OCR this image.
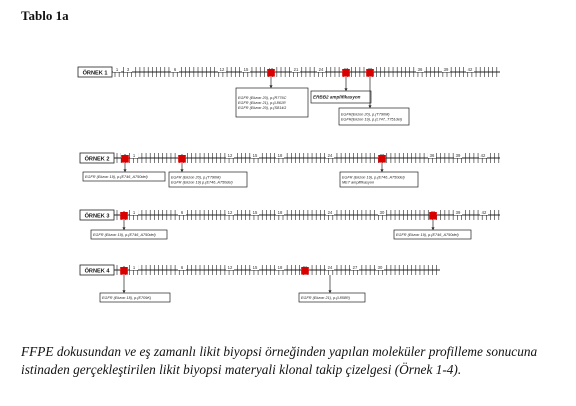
Tablo 1a
ÖRNEK 1
1 3	6	12	15	21	24	36	39	42
EGFR (Ekzon 20), p.(R776C
EGFR (Ekzon 21), p.(L861R
EGFR (Ekzon 20), p.(S814G
ERBB2 amplifikasyon
EGFR(Ekzon 20), p.(T790M)
EGFR(Ekzon 19), p.(L747_T751del)
ÖRNEK 2
1	12	15	18	24	36	39	42
EGFR (Ekzon 19), p.(E746_A750del)	EGFR (Ekzon 20), p.(T790M)
EGFR (Ekzon 19) p.(E746_A750del)
EGFR (Ekzon 19), p.(E746_A750del)
MET amplifikasyon
ÖRNEK 3
1	6	12	15	18	24	30	39	42
EGFR (Ekzon 19), p.(E746_A750del)	EGFR (Ekzon 19), p.(E746_A750del)
ÖRNEK 4
1	6	12	15	18	24	27	30
EGFR (Ekzon 18), p.(E709K)	EGFR (Ekzon 21), p.(L858R)
FFPE dokusundan ve eş zamanlı likit biyopsi örneğinden yapılan moleküler profilleme sonucuna istinaden gerçekleştirilen likit biyopsi materyali klonal takip çizelgesi (Örnek 1-4).
